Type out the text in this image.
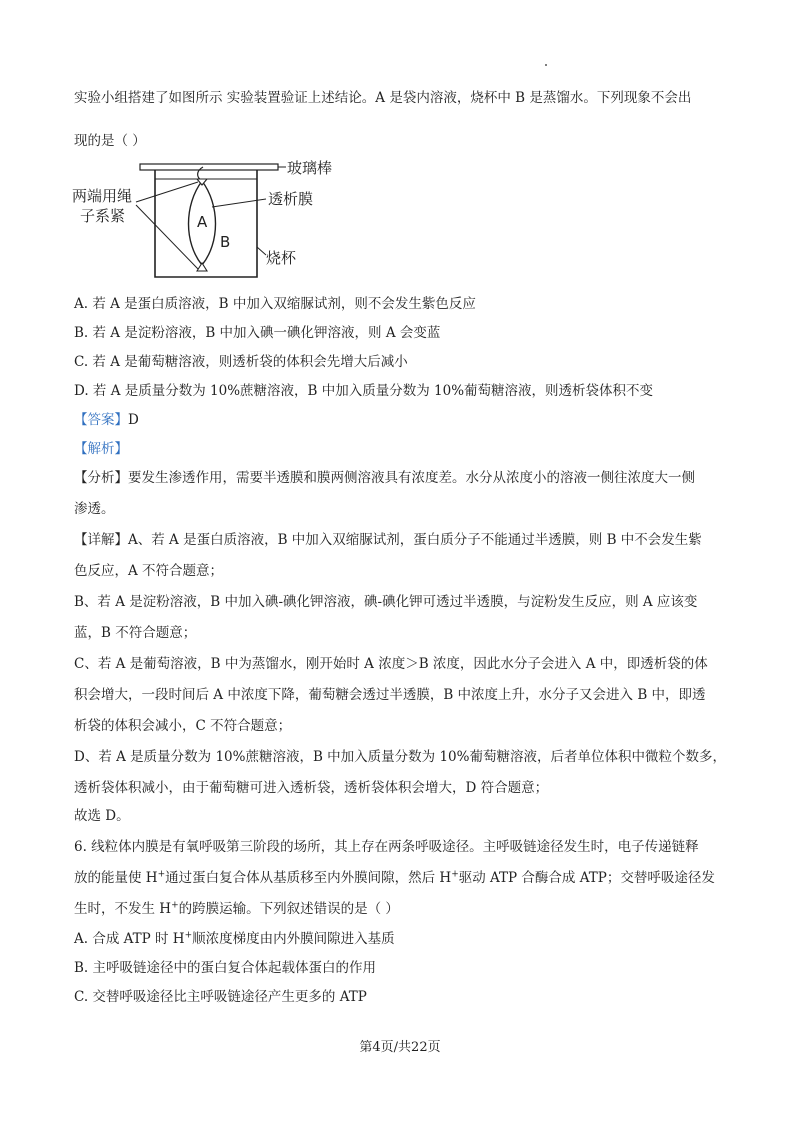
实验小组搭建了如图所示 实验装置验证上述结论。A 是袋内溶液，烧杯中 B 是蒸馏水。下列现象不会出
现的是（ ）
玻璃棒
两端用绳
子系紧
透析膜
烧杯
A
B
A. 若 A 是蛋白质溶液，B 中加入双缩脲试剂，则不会发生紫色反应
B. 若 A 是淀粉溶液，B 中加入碘一碘化钾溶液，则 A 会变蓝
C. 若 A 是葡萄糖溶液，则透析袋的体积会先增大后减小
D. 若 A 是质量分数为 10%蔗糖溶液，B 中加入质量分数为 10%葡萄糖溶液，则透析袋体积不变
【答案】D
【解析】
【分析】要发生渗透作用，需要半透膜和膜两侧溶液具有浓度差。水分从浓度小的溶液一侧往浓度大一侧
渗透。
【详解】A、若 A 是蛋白质溶液，B 中加入双缩脲试剂，蛋白质分子不能通过半透膜，则 B 中不会发生紫
色反应，A 不符合题意；
B、若 A 是淀粉溶液，B 中加入碘-碘化钾溶液，碘-碘化钾可透过半透膜，与淀粉发生反应，则 A 应该变
蓝，B 不符合题意；
C、若 A 是葡萄溶液，B 中为蒸馏水，刚开始时 A 浓度＞B 浓度，因此水分子会进入 A 中，即透析袋的体
积会增大，一段时间后 A 中浓度下降，葡萄糖会透过半透膜，B 中浓度上升，水分子又会进入 B 中，即透
析袋的体积会减小，C 不符合题意；
D、若 A 是质量分数为 10%蔗糖溶液，B 中加入质量分数为 10%葡萄糖溶液，后者单位体积中微粒个数多，
透析袋体积减小，由于葡萄糖可进入透析袋，透析袋体积会增大，D 符合题意；
故选 D。
6. 线粒体内膜是有氧呼吸第三阶段的场所，其上存在两条呼吸途径。主呼吸链途径发生时，电子传递链释
放的能量使 H+通过蛋白复合体从基质移至内外膜间隙，然后 H+驱动 ATP 合酶合成 ATP；交替呼吸途径发
生时，不发生 H+的跨膜运输。下列叙述错误的是（ ）
A. 合成 ATP 时 H+顺浓度梯度由内外膜间隙进入基质
B. 主呼吸链途径中的蛋白复合体起载体蛋白的作用
C. 交替呼吸途径比主呼吸链途径产生更多的 ATP
第4页/共22页
